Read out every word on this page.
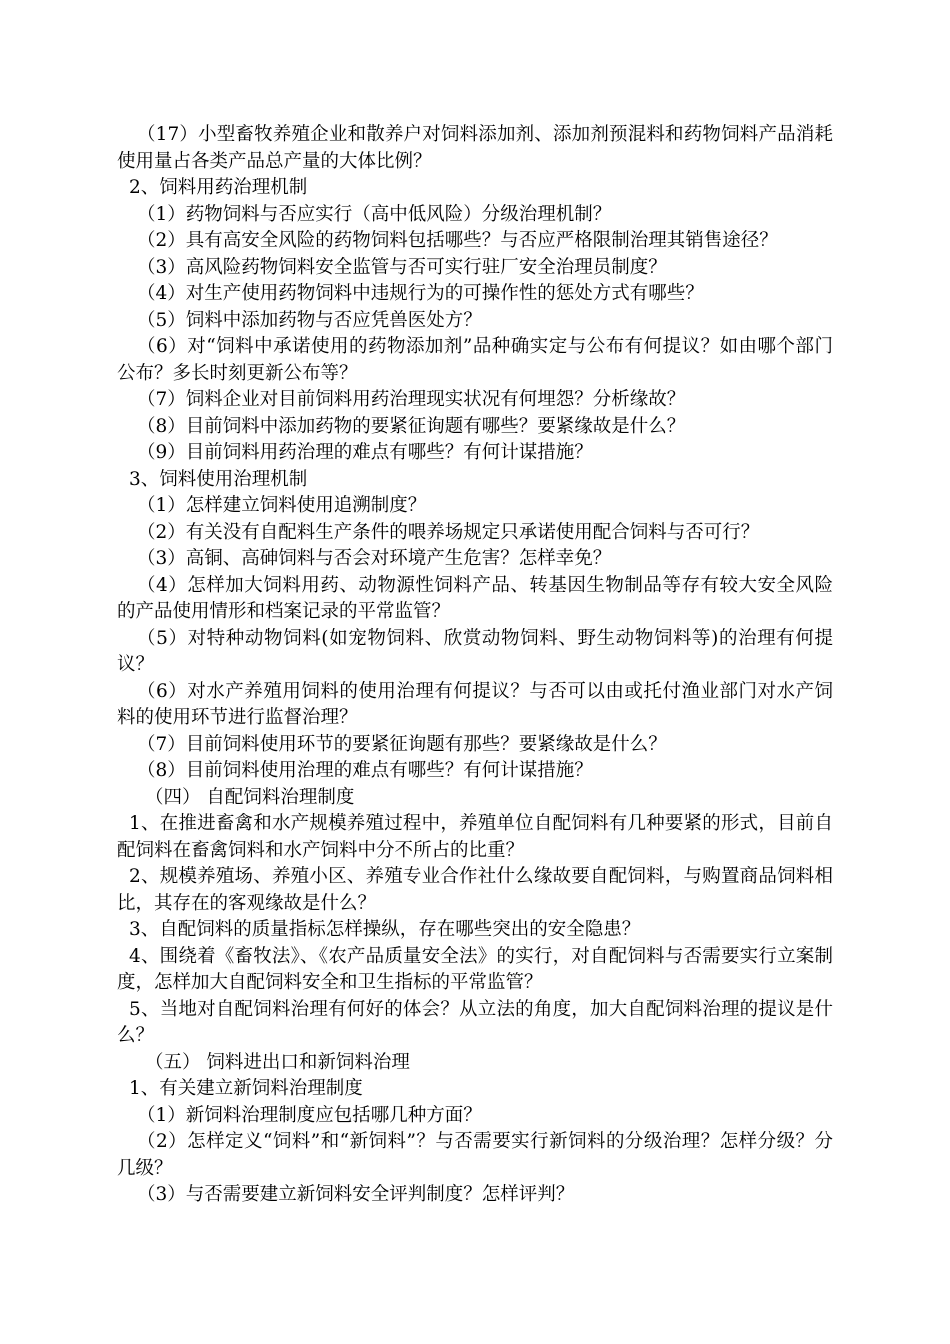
（17）小型畜牧养殖企业和散养户对饲料添加剂、添加剂预混料和药物饲料产品消耗使用量占各类产品总产量的大体比例？

2、饲料用药治理机制

（1）药物饲料与否应实行（高中低风险）分级治理机制？

（2）具有高安全风险的药物饲料包括哪些？与否应严格限制治理其销售途径？

（3）高风险药物饲料安全监管与否可实行驻厂安全治理员制度？

（4）对生产使用药物饲料中违规行为的可操作性的惩处方式有哪些？

（5）饲料中添加药物与否应凭兽医处方？

（6）对“饲料中承诺使用的药物添加剂”品种确实定与公布有何提议？如由哪个部门公布？多长时刻更新公布等？

（7）饲料企业对目前饲料用药治理现实状况有何埋怨？分析缘故？

（8）目前饲料中添加药物的要紧征询题有哪些？要紧缘故是什么？

（9）目前饲料用药治理的难点有哪些？有何计谋措施？

3、饲料使用治理机制

（1）怎样建立饲料使用追溯制度？

（2）有关没有自配料生产条件的喂养场规定只承诺使用配合饲料与否可行？

（3）高铜、高砷饲料与否会对环境产生危害？怎样幸免？

（4）怎样加大饲料用药、动物源性饲料产品、转基因生物制品等存有较大安全风险的产品使用情形和档案记录的平常监管？

（5）对特种动物饲料(如宠物饲料、欣赏动物饲料、野生动物饲料等)的治理有何提议？

（6）对水产养殖用饲料的使用治理有何提议？与否可以由或托付渔业部门对水产饲料的使用环节进行监督治理？

（7）目前饲料使用环节的要紧征询题有那些？要紧缘故是什么？

（8）目前饲料使用治理的难点有哪些？有何计谋措施？

（四） 自配饲料治理制度

1、在推进畜禽和水产规模养殖过程中，养殖单位自配饲料有几种要紧的形式，目前自配饲料在畜禽饲料和水产饲料中分不所占的比重？

2、规模养殖场、养殖小区、养殖专业合作社什么缘故要自配饲料，与购置商品饲料相比，其存在的客观缘故是什么？

3、自配饲料的质量指标怎样操纵，存在哪些突出的安全隐患？

4、围绕着《畜牧法》、《农产品质量安全法》的实行，对自配饲料与否需要实行立案制度，怎样加大自配饲料安全和卫生指标的平常监管？

5、当地对自配饲料治理有何好的体会？从立法的角度，加大自配饲料治理的提议是什么？

（五） 饲料进出口和新饲料治理

1、有关建立新饲料治理制度

（1）新饲料治理制度应包括哪几种方面？

（2）怎样定义“饲料”和“新饲料”？与否需要实行新饲料的分级治理？怎样分级？分几级？

（3）与否需要建立新饲料安全评判制度？怎样评判？
